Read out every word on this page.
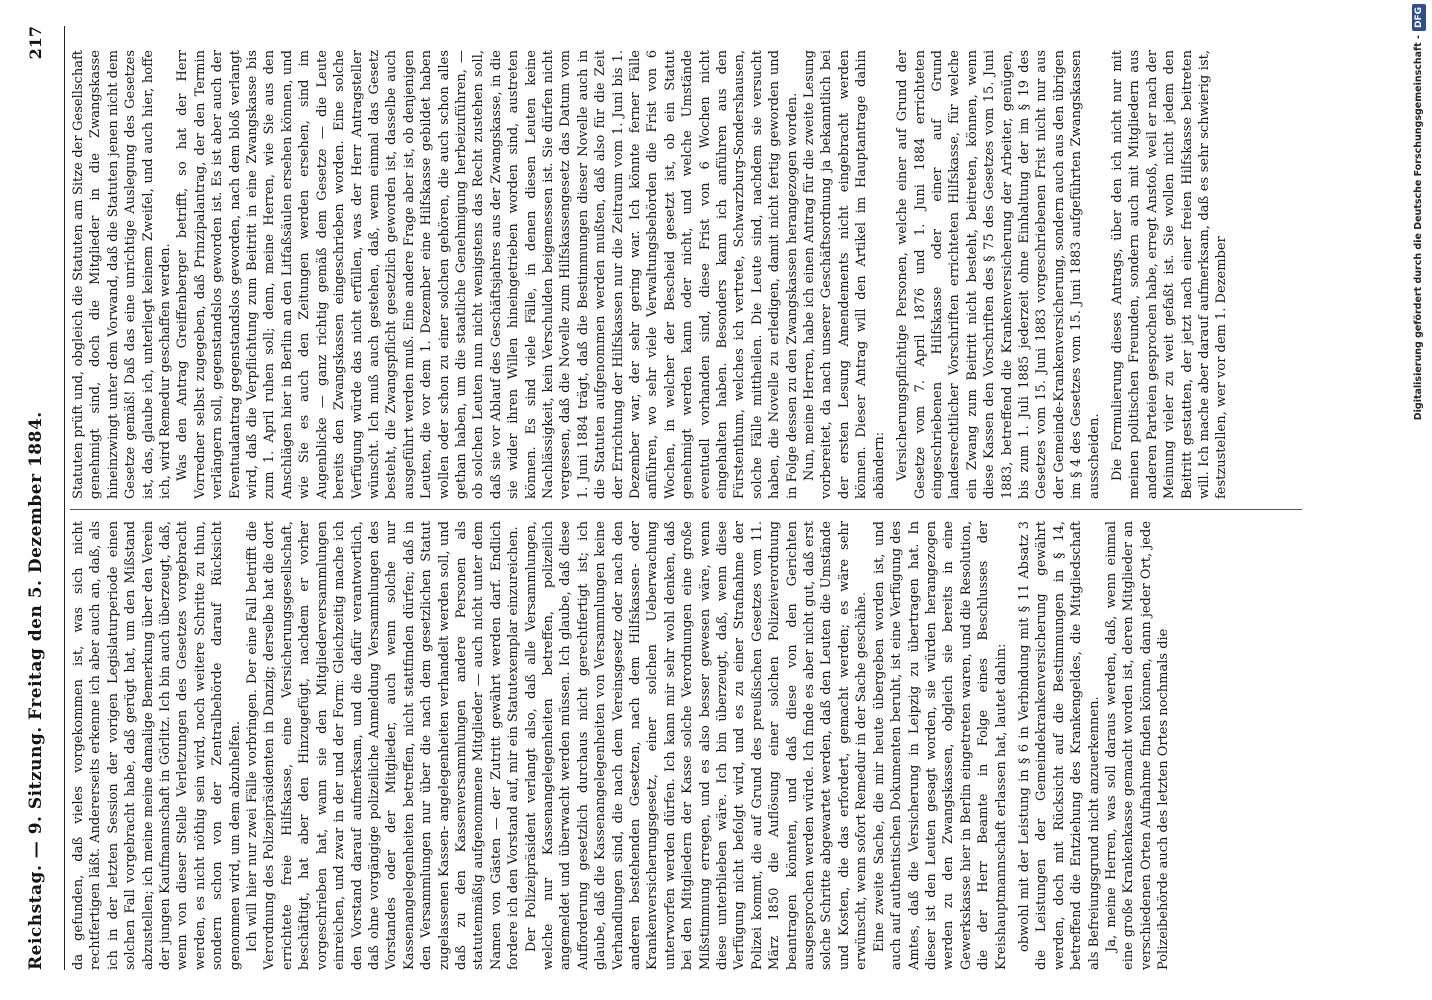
Reichstag. — 9. Sitzung. Freitag den 5. Dezember 1884.
217

da gefunden, daß vieles vorgekommen ist, was sich nicht rechtfertigen läßt. Andererseits erkenne ich aber auch an, daß, als ich in der letzten Session der vorigen Legislaturperiode einen solchen Fall vorgebracht habe, daß gerügt hat, um den Mißstand abzustellen; ich meine meine damalige Bemerkung über den Verein der jungen Kaufmannschaft in Görlitz. Ich bin auch überzeugt, daß, wenn von dieser Stelle Verletzungen des Gesetzes vorgebracht werden, es nicht nöthig sein wird, noch weitere Schritte zu thun, sondern schon von der Zentralbehörde darauf Rücksicht genommen wird, um dem abzuhelfen. Ich will hier nur zwei Fälle vorbringen. Der eine Fall betrifft die Verordnung des Polizeipräsidenten in Danzig; derselbe hat die dort errichtete freie Hilfskasse, eine Versicherungsgesellschaft, beschäftigt, hat aber den Hinzugefügt, nachdem er vorher vorgeschrieben hat, wann sie den Mitgliederversammlungen einreichen, und zwar in der und der Form: Gleichzeitig mache ich den Vorstand darauf aufmerksam, und die dafür verantwortlich, daß ohne vorgängige polizeiliche Anmeldung Versammlungen des Vorstandes oder der Mitglieder, auch wenn solche nur Kassenangelegenheiten betreffen, nicht stattfinden dürfen; daß in den Versammlungen nur über die nach dem gesetzlichen Statut zugelassenen Kassen- angelegenheiten verhandelt werden soll, und daß zu den Kassenversammlungen andere Personen als statutenmäßig aufgenommene Mitglieder — auch nicht unter dem Namen von Gästen — der Zutritt gewährt werden darf. Endlich fordere ich den Vorstand auf, mir ein Statutexemplar einzureichen. Der Polizeipräsident verlangt also, daß alle Versammlungen, welche nur Kassenangelegenheiten betreffen, polizeilich angemeldet und überwacht werden müssen. Ich glaube, daß diese Aufforderung gesetzlich durchaus nicht gerechtfertigt ist; ich glaube, daß die Kassenangelegenheiten von Versammlungen keine Verhandlungen sind, die nach dem Vereinsgesetz oder nach den anderen bestehenden Gesetzen, nach dem Hilfskassen- oder Krankenversicherungsgesetz, einer solchen Ueberwachung unterworfen werden dürfen. Ich kann mir sehr wohl denken, daß bei den Mitgliedern der Kasse solche Verordnungen eine große Mißstimmung erregen, und es also besser gewesen wäre, wenn diese unterblieben wäre. Ich bin überzeugt, daß, wenn diese Verfügung nicht befolgt wird, und es zu einer Strafnahme der Polizei kommt, die auf Grund des preußischen Gesetzes vom 11. März 1850 die Auflösung einer solchen Polizeiverordnung beantragen könnten, und daß diese von den Gerichten ausgesprochen werden würde. Ich finde es aber nicht gut, daß erst solche Schritte abgewartet werden, daß den Leuten die Umstände und Kosten, die das erfordert, gemacht werden; es wäre sehr erwünscht, wenn sofort Remedur in der Sache geschähe. Eine zweite Sache, die mir heute übergeben worden ist, und auch auf authentischen Dokumenten beruht, ist eine Verfügung des Amtes, daß die Versicherung in Leipzig zu übertragen hat. In dieser ist den Leuten gesagt worden, sie würden herangezogen werden zu den Zwangskassen, obgleich sie bereits in eine Gewerkskasse hier in Berlin eingetreten waren, und die Resolution, die der Herr Beamte in Folge eines Beschlusses der Kreishauptmannschaft erlassen hat, lautet dahin: obwohl mit der Leistung in § 6 in Verbindung mit § 11 Absatz 3 die Leistungen der Gemeindekrankenversicherung gewährt werden, doch mit Rücksicht auf die Bestimmungen in § 14, betreffend die Entziehung des Krankengeldes, die Mitgliedschaft als Befreiungsgrund nicht anzuerkennen. Ja, meine Herren, was soll daraus werden, daß, wenn einmal eine große Krankenkasse gemacht worden ist, deren Mitglieder an verschiedenen Orten Aufnahme finden können, dann jeder Ort, jede Polizeibehörde auch des letzten Ortes nochmals die

Statuten prüft und, obgleich die Statuten am Sitze der Gesellschaft genehmigt sind, doch die Mitglieder in die Zwangskasse hineinzwingt unter dem Vorwand, daß die Statuten jenen nicht dem Gesetze gemäß! Daß das eine unrichtige Auslegung des Gesetzes ist, das, glaube ich, unterliegt keinem Zweifel, und auch hier, hoffe ich, wird Remedur geschaffen werden. Was den Antrag Greiffenberger betrifft, so hat der Herr Vorredner selbst zugegeben, daß Prinzipalantrag, der den Termin verlängern soll, gegenstandslos geworden ist. Es ist aber auch der Eventualantrag gegenstandslos geworden, nach dem bloß verlangt wird, daß die Verpflichtung zum Beitritt in eine Zwangskasse bis zum 1. April ruhen soll; denn, meine Herren, wie Sie aus den Anschlägen hier in Berlin an den Litfaßsäulen ersehen können, und wie Sie es auch den Zeitungen werden ersehen, sind im Augenblicke — ganz richtig gemäß dem Gesetze — die Leute bereits den Zwangskassen eingeschrieben worden. Eine solche Verfügung würde das nicht erfüllen, was der Herr Antragsteller wünscht. Ich muß auch gestehen, daß, wenn einmal das Gesetz besteht, die Zwangspflicht gesetzlich geworden ist, dasselbe auch ausgeführt werden muß. Eine andere Frage aber ist, ob denjenigen Leuten, die vor dem 1. Dezember eine Hilfskasse gebildet haben wollen oder schon zu einer solchen gehören, die auch schon alles gethan haben, um die staatliche Genehmigung herbeizuführen, — ob solchen Leuten nun nicht wenigstens das Recht zustehen soll, daß sie vor Ablauf des Geschäftsjahres aus der Zwangskasse, in die sie wider ihren Willen hineingetrieben worden sind, austreten können. Es sind viele Fälle, in denen diesen Leuten keine Nachlässigkeit, kein Verschulden beigemessen ist. Sie dürfen nicht vergessen, daß die Novelle zum Hilfskassengesetz das Datum vom 1. Juni 1884 trägt, daß die Bestimmungen dieser Novelle auch in die Statuten aufgenommen werden mußten, daß also für die Zeit der Errichtung der Hilfskassen nur die Zeitraum vom 1. Juni bis 1. Dezember war, der sehr gering war. Ich könnte ferner Fälle anführen, wo sehr viele Verwaltungsbehörden die Frist von 6 Wochen, in welcher der Bescheid gesetzt ist, ob ein Statut genehmigt werden kann oder nicht, und welche Umstände eventuell vorhanden sind, diese Frist von 6 Wochen nicht eingehalten haben. Besonders kann ich anführen aus den Fürstenthum, welches ich vertrete, Schwarzburg-Sondershausen, solche Fälle mittheilen. Die Leute sind, nachdem sie versucht haben, die Novelle zu erledigen, damit nicht fertig geworden und in Folge dessen zu den Zwangskassen herangezogen worden. Nun, meine Herren, habe ich einen Antrag für die zweite Lesung vorbereitet, da nach unserer Geschäftsordnung ja bekanntlich bei der ersten Lesung Amendements nicht eingebracht werden können. Dieser Antrag will den Artikel im Hauptantrage dahin abändern: Versicherungspflichtige Personen, welche einer auf Grund der Gesetze vom 7. April 1876 und 1. Juni 1884 errichteten eingeschriebenen Hilfskasse oder einer auf Grund landesrechtlicher Vorschriften errichteten Hilfskasse, für welche ein Zwang zum Beitritt nicht besteht, beitreten, können, wenn diese Kassen den Vorschriften des § 75 des Gesetzes vom 15. Juni 1883, betreffend die Krankenversicherung der Arbeiter, genügen, bis zum 1. Juli 1885 jederzeit ohne Einhaltung der im § 19 des Gesetzes vom 15. Juni 1883 vorgeschriebenen Frist nicht nur aus der Gemeinde-Krankenversicherung, sondern auch aus den übrigen im § 4 des Gesetzes vom 15. Juni 1883 aufgeführten Zwangskassen ausscheiden. Die Formulierung dieses Antrags, über den ich nicht nur mit meinen politischen Freunden, sondern auch mit Mitgliedern aus anderen Parteien gesprochen habe, erregt Anstoß, weil er nach der Meinung vieler zu weit gefaßt ist. Sie wollen nicht jedem den Beitritt gestatten, der jetzt nach einer freien Hilfskasse beitreten will. Ich mache aber darauf aufmerksam, daß es sehr schwierig ist, festzustellen, wer vor dem 1. Dezember	Digitalisierung gefördert durch die Deutsche Forschungsgemeinschaft -
DFG
